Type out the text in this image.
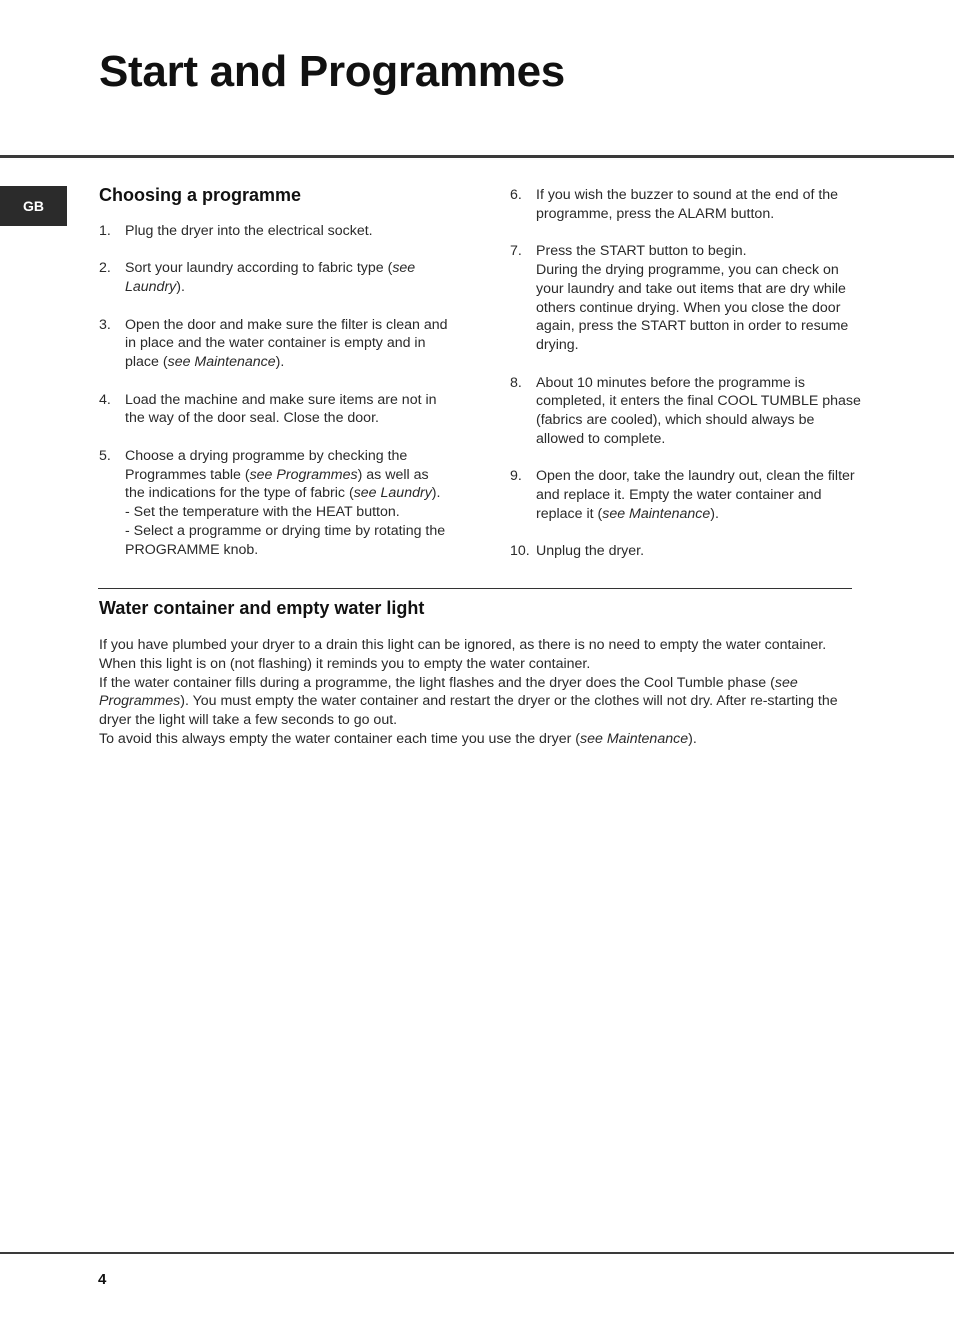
Start and Programmes
GB
Choosing a programme
1. Plug the dryer into the electrical socket.
2. Sort your laundry according to fabric type (see Laundry).
3. Open the door and make sure the filter is clean and in place and the water container is empty and in place (see Maintenance).
4. Load the machine and make sure items are not in the way of the door seal. Close the door.
5. Choose a drying programme by checking the Programmes table (see Programmes) as well as the indications for the type of fabric (see Laundry).
- Set the temperature with the HEAT button.
- Select a programme or drying time by rotating the PROGRAMME knob.
6. If you wish the buzzer to sound at the end of the programme, press the ALARM button.
7. Press the START button to begin.
During the drying programme, you can check on your laundry and take out items that are dry while others continue drying. When you close the door again, press the START button in order to resume drying.
8. About 10 minutes before the programme is completed, it enters the final COOL TUMBLE phase (fabrics are cooled), which should always be allowed to complete.
9. Open the door, take the laundry out, clean the filter and replace it. Empty the water container and replace it (see Maintenance).
10. Unplug the dryer.
Water container and empty water light

If you have plumbed your dryer to a drain this light can be ignored, as there is no need to empty the water container.

When this light is on (not flashing) it reminds you to empty the water container.

If the water container fills during a programme, the light flashes and the dryer does the Cool Tumble phase (see Programmes). You must empty the water container and restart the dryer or the clothes will not dry. After re-starting the dryer the light will take a few seconds to go out.

To avoid this always empty the water container each time you use the dryer (see Maintenance).

4
